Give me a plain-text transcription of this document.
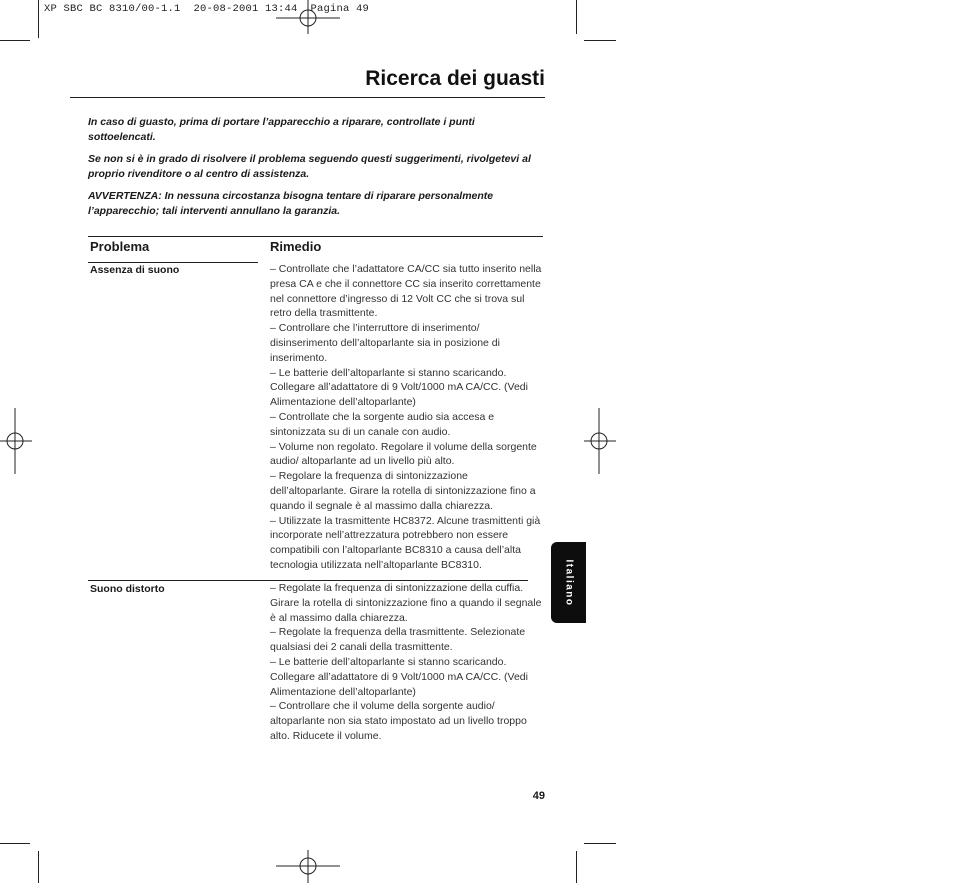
XP SBC BC 8310/00-1.1  20-08-2001 13:44  Pagina 49
Ricerca dei guasti

In caso di guasto, prima di portare l’apparecchio a riparare, controllate i punti sottoelencati.

Se non si è in grado di risolvere il problema seguendo questi suggerimenti, rivolgetevi al proprio rivenditore o al centro di assistenza.

AVVERTENZA: In nessuna circostanza bisogna tentare di riparare personalmente l’apparecchio; tali interventi annullano la garanzia.

Problema	Rimedio
Assenza di suono	– Controllate che l’adattatore CA/CC sia tutto inserito nella presa CA e che il connettore CC sia inserito correttamente nel connettore d’ingresso di 12 Volt CC che si trova sul retro della trasmittente.
– Controllare che l’interruttore di inserimento/ disinserimento dell’altoparlante sia in posizione di inserimento.
– Le batterie dell’altoparlante si stanno scaricando. Collegare all’adattatore di 9 Volt/1000 mA CA/CC. (Vedi Alimentazione dell’altoparlante)
– Controllate che la sorgente audio sia accesa e sintonizzata su di un canale con audio.
– Volume non regolato. Regolare il volume della sorgente audio/ altoparlante ad un livello più alto.
– Regolare la frequenza di sintonizzazione dell’altoparlante. Girare la rotella di sintonizzazione fino a quando il segnale è al massimo dalla chiarezza.
– Utilizzate la trasmittente HC8372. Alcune trasmittenti già incorporate nell’attrezzatura potrebbero non essere compatibili con l’altoparlante BC8310 a causa dell’alta tecnologia utilizzata nell’altoparlante BC8310.
Suono distorto	– Regolate la frequenza di sintonizzazione della cuffia. Girare la rotella di sintonizzazione fino a quando il segnale è al massimo dalla chiarezza.
– Regolate la frequenza della trasmittente. Selezionate qualsiasi dei 2 canali della trasmittente.
– Le batterie dell’altoparlante si stanno scaricando. Collegare all’adattatore di 9 Volt/1000 mA CA/CC. (Vedi Alimentazione dell’altoparlante)
– Controllare che il volume della sorgente audio/ altoparlante non sia stato impostato ad un livello troppo alto. Riducete il volume.
Italiano
49
